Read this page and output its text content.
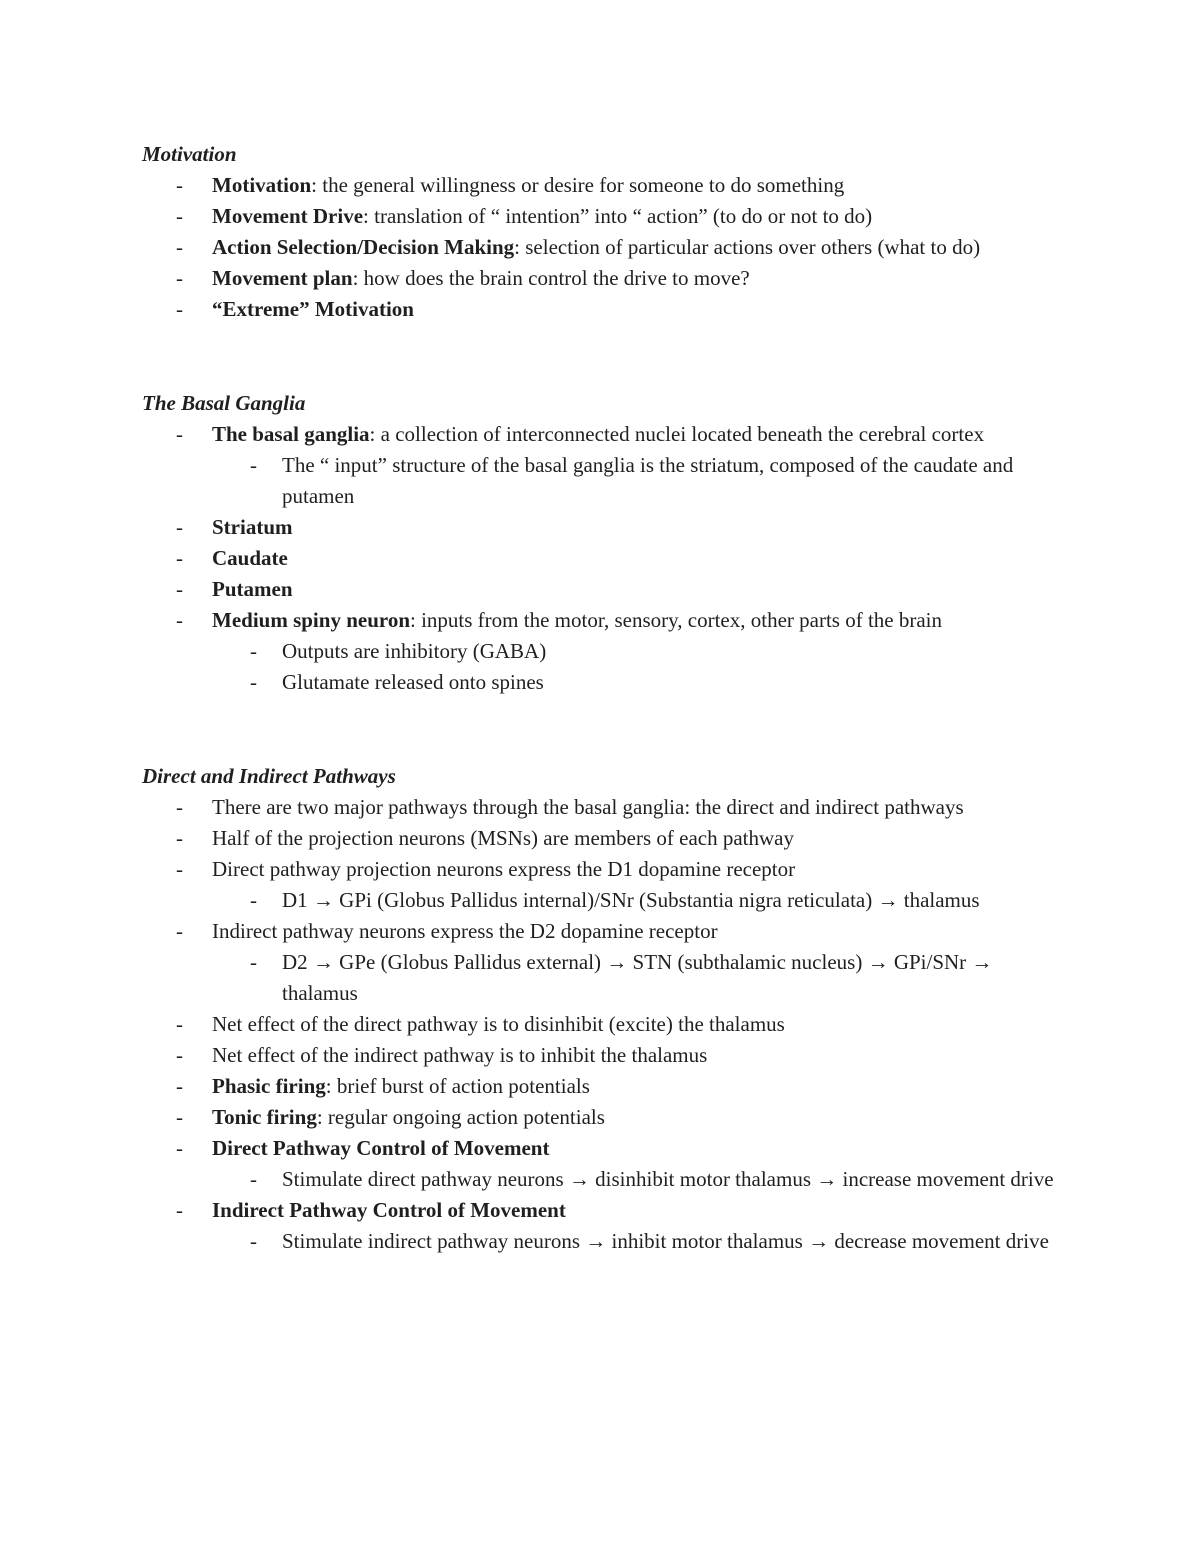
Motivation

- Motivation: the general willingness or desire for someone to do something
- Movement Drive: translation of “ intention” into “ action” (to do or not to do)
- Action Selection/Decision Making: selection of particular actions over others (what to do)
- Movement plan: how does the brain control the drive to move?
- “Extreme” Motivation

The Basal Ganglia

- The basal ganglia: a collection of interconnected nuclei located beneath the cerebral cortex
- The “ input” structure of the basal ganglia is the striatum, composed of the caudate and putamen
- Striatum
- Caudate
- Putamen
- Medium spiny neuron: inputs from the motor, sensory, cortex, other parts of the brain
- Outputs are inhibitory (GABA)
- Glutamate released onto spines

Direct and Indirect Pathways

- There are two major pathways through the basal ganglia: the direct and indirect pathways
- Half of the projection neurons (MSNs) are members of each pathway
- Direct pathway projection neurons express the D1 dopamine receptor
- D1 → GPi (Globus Pallidus internal)/SNr (Substantia nigra reticulata) → thalamus
- Indirect pathway neurons express the D2 dopamine receptor
- D2 → GPe (Globus Pallidus external) → STN (subthalamic nucleus) → GPi/SNr → thalamus
- Net effect of the direct pathway is to disinhibit (excite) the thalamus
- Net effect of the indirect pathway is to inhibit the thalamus
- Phasic firing: brief burst of action potentials
- Tonic firing: regular ongoing action potentials
- Direct Pathway Control of Movement
- Stimulate direct pathway neurons → disinhibit motor thalamus → increase movement drive
- Indirect Pathway Control of Movement
- Stimulate indirect pathway neurons → inhibit motor thalamus → decrease movement drive
